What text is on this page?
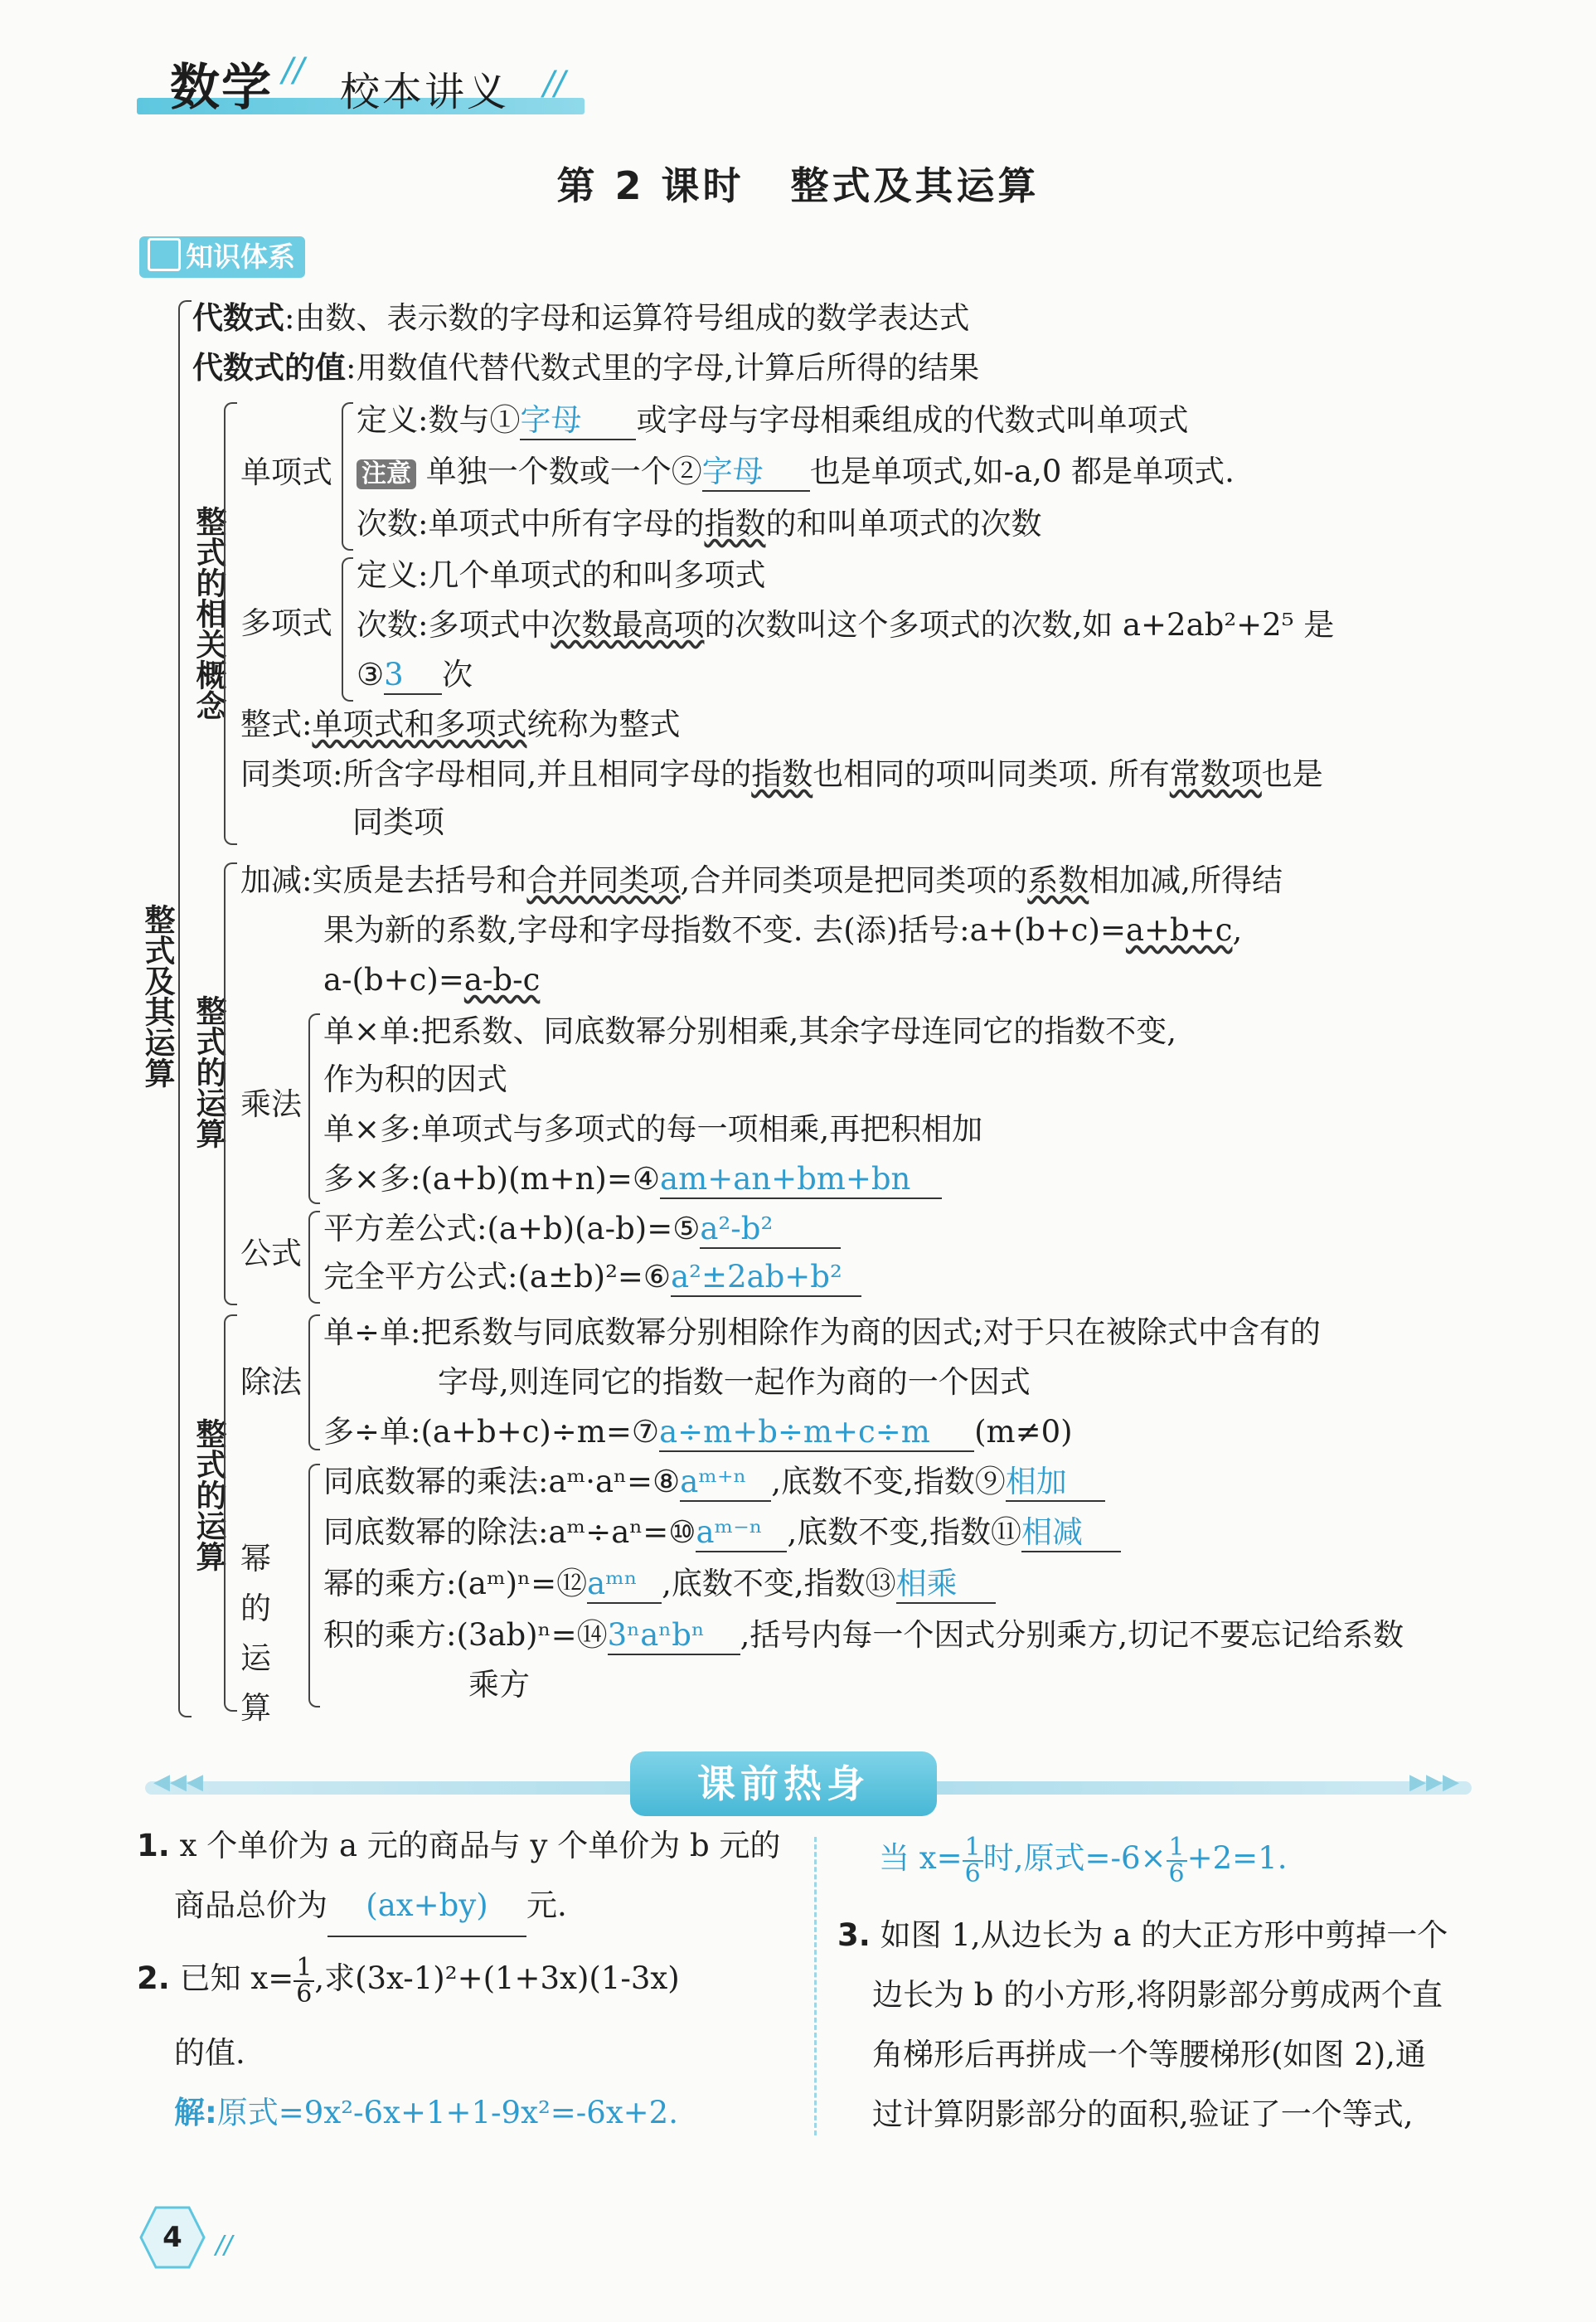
数学 // 校本讲义 //
第 2 课时 整式及其运算
知识体系
整式及其运算
整式的相关概念
整式的运算
整式的运算
代数式:由数、表示数的字母和运算符号组成的数学表达式
代数式的值:用数值代替代数式里的字母,计算后所得的结果
单项式
定义:数与①字母 或字母与字母相乘组成的代数式叫单项式
注意 单独一个数或一个②字母 也是单项式,如-a,0 都是单项式.
次数:单项式中所有字母的指数的和叫单项式的次数
多项式
定义:几个单项式的和叫多项式
次数:多项式中次数最高项的次数叫这个多项式的次数,如 a+2ab²+2⁵ 是
③3 次
整式:单项式和多项式统称为整式
同类项:所含字母相同,并且相同字母的指数也相同的项叫同类项. 所有常数项也是
同类项
加减:实质是去括号和合并同类项,合并同类项是把同类项的系数相加减,所得结
果为新的系数,字母和字母指数不变. 去(添)括号:a+(b+c)=a+b+c,
a-(b+c)=a-b-c
乘法
单×单:把系数、同底数幂分别相乘,其余字母连同它的指数不变,
作为积的因式
单×多:单项式与多项式的每一项相乘,再把积相加
多×多:(a+b)(m+n)=④am+an+bm+bn
公式
平方差公式:(a+b)(a-b)=⑤a²-b²
完全平方公式:(a±b)²=⑥a²±2ab+b²
除法
单÷单:把系数与同底数幂分别相除作为商的因式;对于只在被除式中含有的
字母,则连同它的指数一起作为商的一个因式
多÷单:(a+b+c)÷m=⑦a÷m+b÷m+c÷m (m≠0)
幂的运算
同底数幂的乘法:aᵐ·aⁿ=⑧aᵐ⁺ⁿ ,底数不变,指数⑨相加
同底数幂的除法:aᵐ÷aⁿ=⑩aᵐ⁻ⁿ ,底数不变,指数⑪相减
幂的乘方:(aᵐ)ⁿ=⑫aᵐⁿ ,底数不变,指数⑬相乘
积的乘方:(3ab)ⁿ=⑭3ⁿaⁿbⁿ ,括号内每一个因式分别乘方,切记不要忘记给系数
乘方
◀◀◀	▶▶▶
课前热身
1. x 个单价为 a 元的商品与 y 个单价为 b 元的
商品总价为 (ax+by) 元.
2. 已知 $x= \frac{1}{6}$ ,求(3x-1)²+(1+3x)(1-3x)
的值.
解:原式=9x²-6x+1+1-9x²=-6x+2.
当 $x= \frac{1}{6}$ 时,原式$=-6\times \frac{1}{6} +2=1$.
3. 如图 1,从边长为 a 的大正方形中剪掉一个
边长为 b 的小方形,将阴影部分剪成两个直
角梯形后再拼成一个等腰梯形(如图 2),通
过计算阴影部分的面积,验证了一个等式,
4	//
